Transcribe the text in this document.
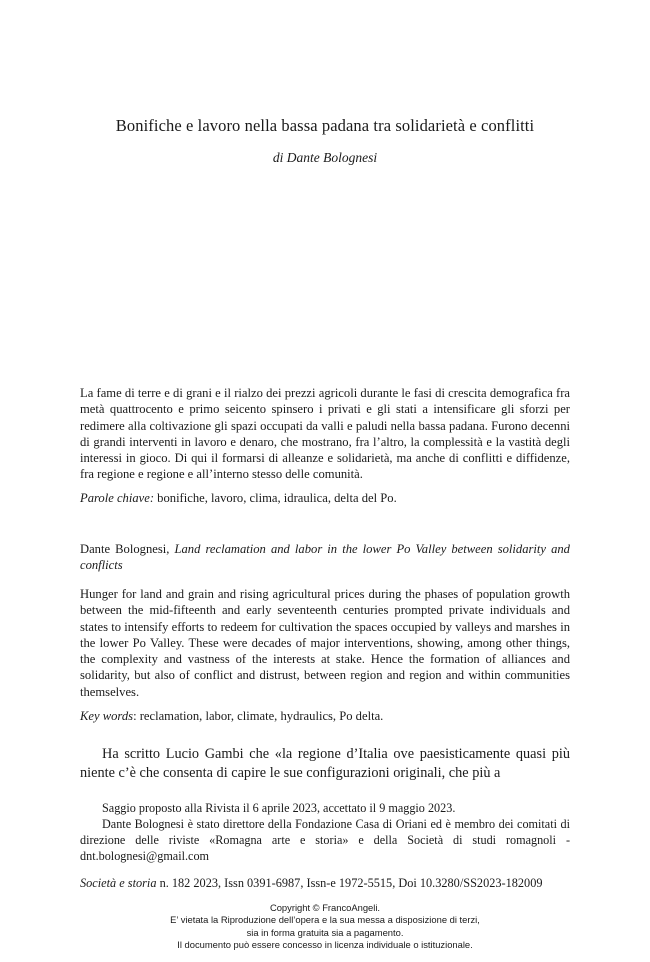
Bonifiche e lavoro nella bassa padana tra solidarietà e conflitti
di Dante Bolognesi
La fame di terre e di grani e il rialzo dei prezzi agricoli durante le fasi di crescita demografica fra metà quattrocento e primo seicento spinsero i privati e gli stati a intensificare gli sforzi per redimere alla coltivazione gli spazi occupati da valli e paludi nella bassa padana. Furono decenni di grandi interventi in lavoro e denaro, che mostrano, fra l’altro, la complessità e la vastità degli interessi in gioco. Di qui il formarsi di alleanze e solidarietà, ma anche di conflitti e diffidenze, fra regione e regione e all’interno stesso delle comunità.
Parole chiave: bonifiche, lavoro, clima, idraulica, delta del Po.
Dante Bolognesi, Land reclamation and labor in the lower Po Valley between solidarity and conflicts
Hunger for land and grain and rising agricultural prices during the phases of population growth between the mid-fifteenth and early seventeenth centuries prompted private individuals and states to intensify efforts to redeem for cultivation the spaces occupied by valleys and marshes in the lower Po Valley. These were decades of major interventions, showing, among other things, the complexity and vastness of the interests at stake. Hence the formation of alliances and solidarity, but also of conflict and distrust, between region and region and within communities themselves.
Key words: reclamation, labor, climate, hydraulics, Po delta.
Ha scritto Lucio Gambi che «la regione d’Italia ove paesisticamente quasi più niente c’è che consenta di capire le sue configurazioni originali, che più a

Saggio proposto alla Rivista il 6 aprile 2023, accettato il 9 maggio 2023.

Dante Bolognesi è stato direttore della Fondazione Casa di Oriani ed è membro dei comitati di direzione delle riviste «Romagna arte e storia» e della Società di studi romagnoli - dnt.bolognesi@gmail.com

Società e storia n. 182 2023, Issn 0391-6987, Issn-e 1972-5515, Doi 10.3280/SS2023-182009
Copyright © FrancoAngeli.
E’ vietata la Riproduzione dell’opera e la sua messa a disposizione di terzi,
sia in forma gratuita sia a pagamento.
Il documento può essere concesso in licenza individuale o istituzionale.
